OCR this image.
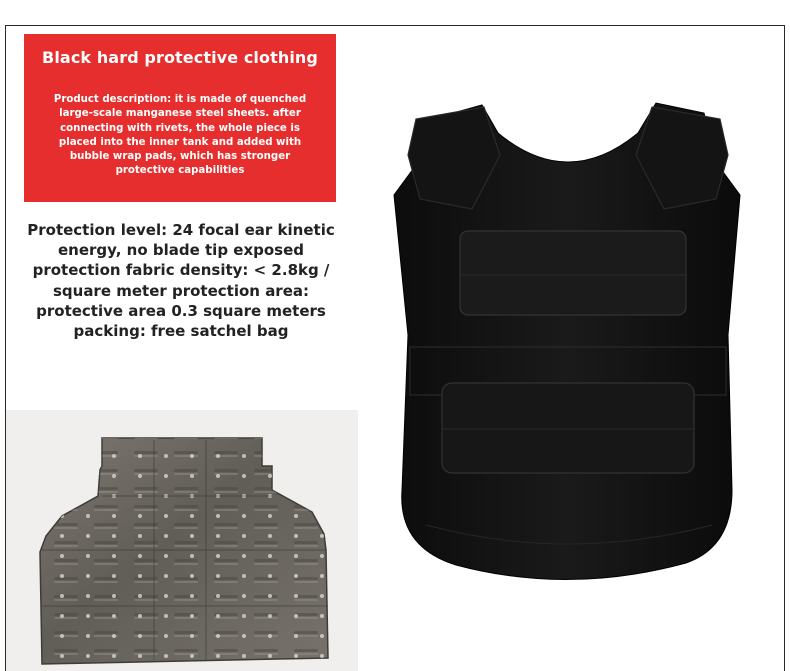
Black hard protective clothing
Product description: it is made of quenched
large-scale manganese steel sheets. after
connecting with rivets, the whole piece is
placed into the inner tank and added with
bubble wrap pads, which has stronger
protective capabilities
Protection level: 24 focal ear kinetic
energy, no blade tip exposed
protection fabric density: < 2.8kg /
square meter protection area:
protective area 0.3 square meters
packing: free satchel bag
